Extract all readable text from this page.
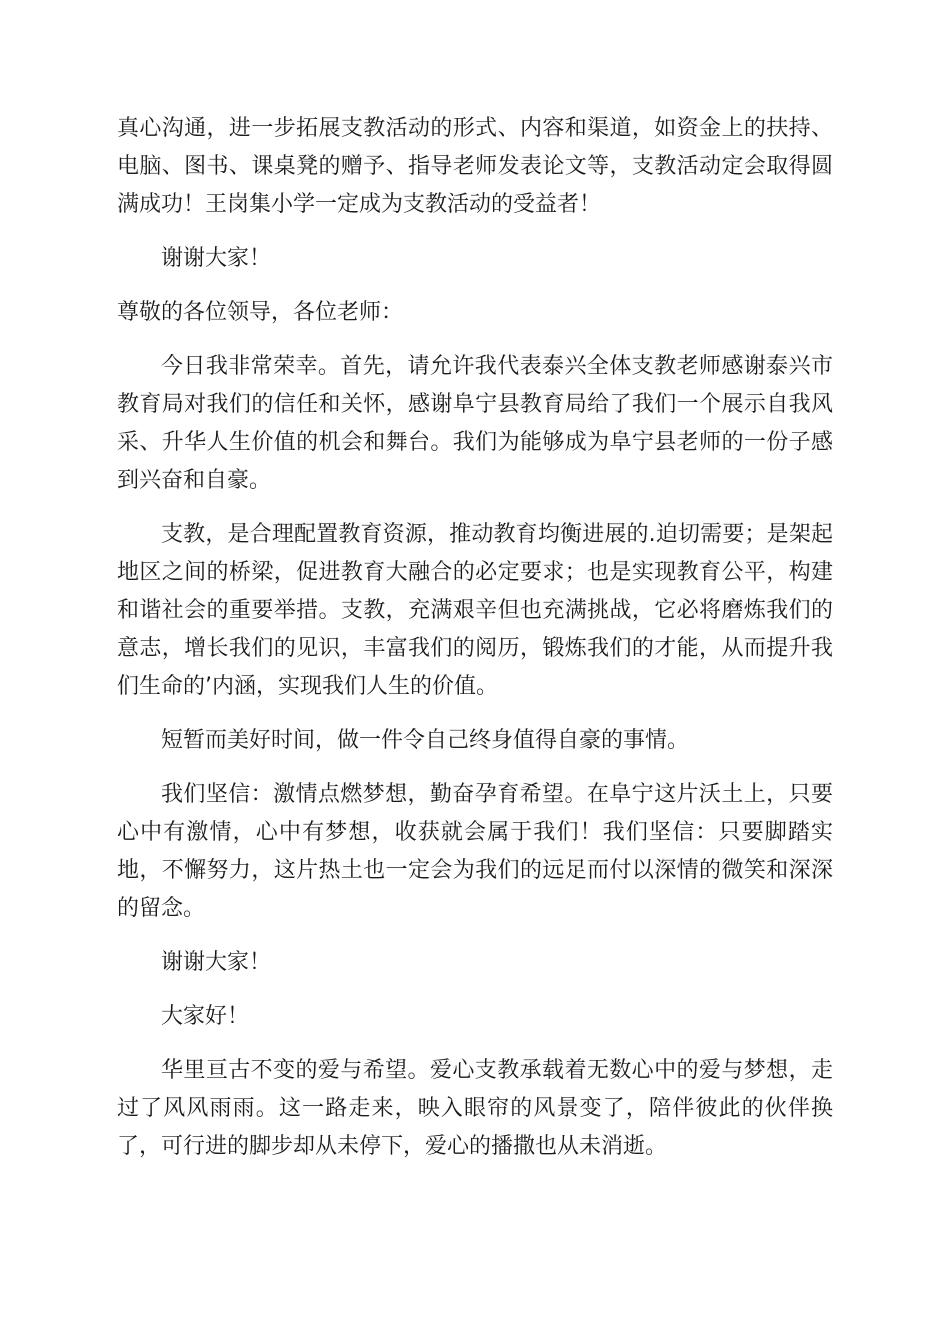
真心沟通，进一步拓展支教活动的形式、内容和渠道，如资金上的扶持、电脑、图书、课桌凳的赠予、指导老师发表论文等，支教活动定会取得圆满成功！王岗集小学一定成为支教活动的受益者！

谢谢大家！

尊敬的各位领导，各位老师：

今日我非常荣幸。首先，请允许我代表泰兴全体支教老师感谢泰兴市教育局对我们的信任和关怀，感谢阜宁县教育局给了我们一个展示自我风采、升华人生价值的机会和舞台。我们为能够成为阜宁县老师的一份子感到兴奋和自豪。

支教，是合理配置教育资源，推动教育均衡进展的.迫切需要；是架起地区之间的桥梁，促进教育大融合的必定要求；也是实现教育公平，构建和谐社会的重要举措。支教，充满艰辛但也充满挑战，它必将磨炼我们的意志，增长我们的见识，丰富我们的阅历，锻炼我们的才能，从而提升我们生命的’内涵，实现我们人生的价值。

短暂而美好时间，做一件令自己终身值得自豪的事情。

我们坚信：激情点燃梦想，勤奋孕育希望。在阜宁这片沃土上，只要心中有激情，心中有梦想，收获就会属于我们！我们坚信：只要脚踏实地，不懈努力，这片热土也一定会为我们的远足而付以深情的微笑和深深的留念。

谢谢大家！

大家好！

华里亘古不变的爱与希望。爱心支教承载着无数心中的爱与梦想，走过了风风雨雨。这一路走来，映入眼帘的风景变了，陪伴彼此的伙伴换了，可行进的脚步却从未停下，爱心的播撒也从未消逝。
